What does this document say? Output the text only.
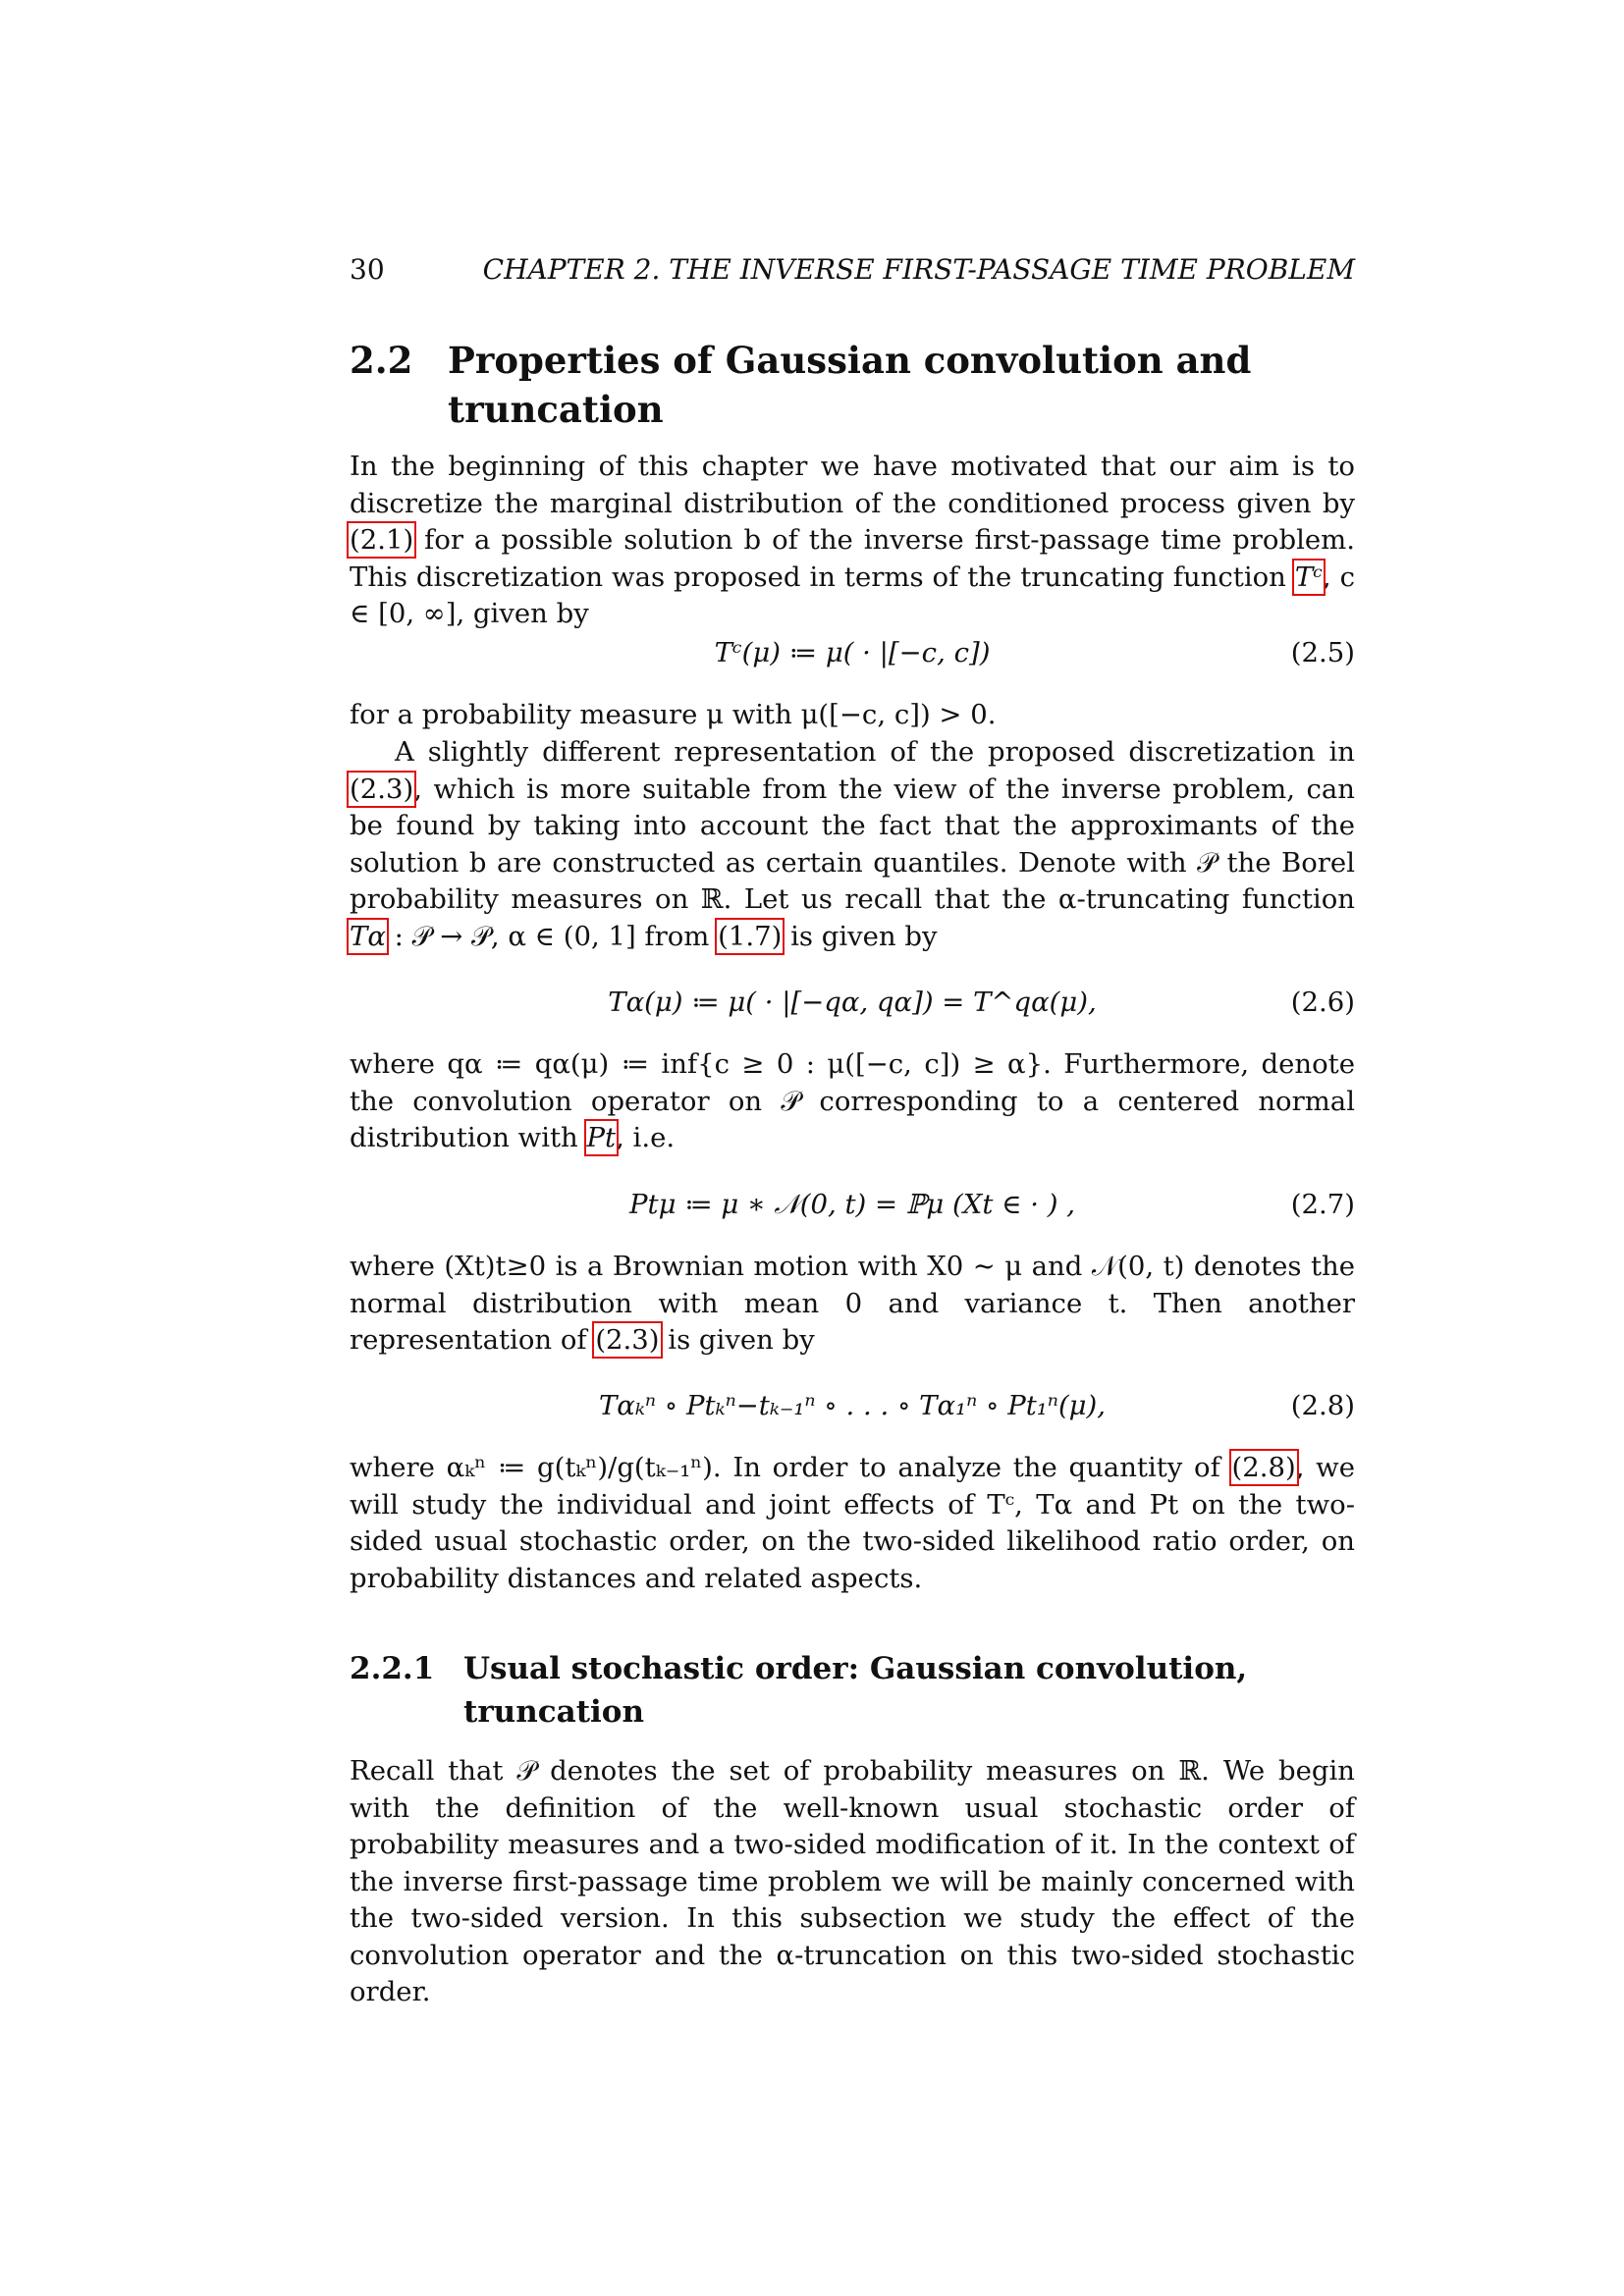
30	CHAPTER 2. THE INVERSE FIRST-PASSAGE TIME PROBLEM
2.2 Properties of Gaussian convolution and truncation

In the beginning of this chapter we have motivated that our aim is to discretize the marginal distribution of the conditioned process given by (2.1) for a possible solution b of the inverse first-passage time problem. This discretization was proposed in terms of the truncating function Tᶜ, c ∈ [0, ∞], given by

Tᶜ(μ) ≔ μ( · |[−c, c])	(2.5)

for a probability measure μ with μ([−c, c]) > 0.

A slightly different representation of the proposed discretization in (2.3), which is more suitable from the view of the inverse problem, can be found by taking into account the fact that the approximants of the solution b are constructed as certain quantiles. Denote with 𝒫 the Borel probability measures on ℝ. Let us recall that the α-truncating function Tα : 𝒫 → 𝒫, α ∈ (0, 1] from (1.7) is given by

Tα(μ) ≔ μ( · |[−qα, qα]) = T^qα(μ),	(2.6)

where qα ≔ qα(μ) ≔ inf{c ≥ 0 : μ([−c, c]) ≥ α}. Furthermore, denote the convolution operator on 𝒫 corresponding to a centered normal distribution with Pt, i.e.

Ptμ ≔ μ ∗ 𝒩(0, t) = ℙμ (Xt ∈ · ) ,	(2.7)

where (Xt)t≥0 is a Brownian motion with X0 ∼ μ and 𝒩(0, t) denotes the normal distribution with mean 0 and variance t. Then another representation of (2.3) is given by

Tαₖⁿ ∘ Ptₖⁿ−tₖ₋₁ⁿ ∘ . . . ∘ Tα₁ⁿ ∘ Pt₁ⁿ(μ),	(2.8)

where αₖⁿ ≔ g(tₖⁿ)/g(tₖ₋₁ⁿ). In order to analyze the quantity of (2.8), we will study the individual and joint effects of Tᶜ, Tα and Pt on the two-sided usual stochastic order, on the two-sided likelihood ratio order, on probability distances and related aspects.

2.2.1 Usual stochastic order: Gaussian convolution, truncation

Recall that 𝒫 denotes the set of probability measures on ℝ. We begin with the definition of the well-known usual stochastic order of probability measures and a two-sided modification of it. In the context of the inverse first-passage time problem we will be mainly concerned with the two-sided version. In this subsection we study the effect of the convolution operator and the α-truncation on this two-sided stochastic order.
